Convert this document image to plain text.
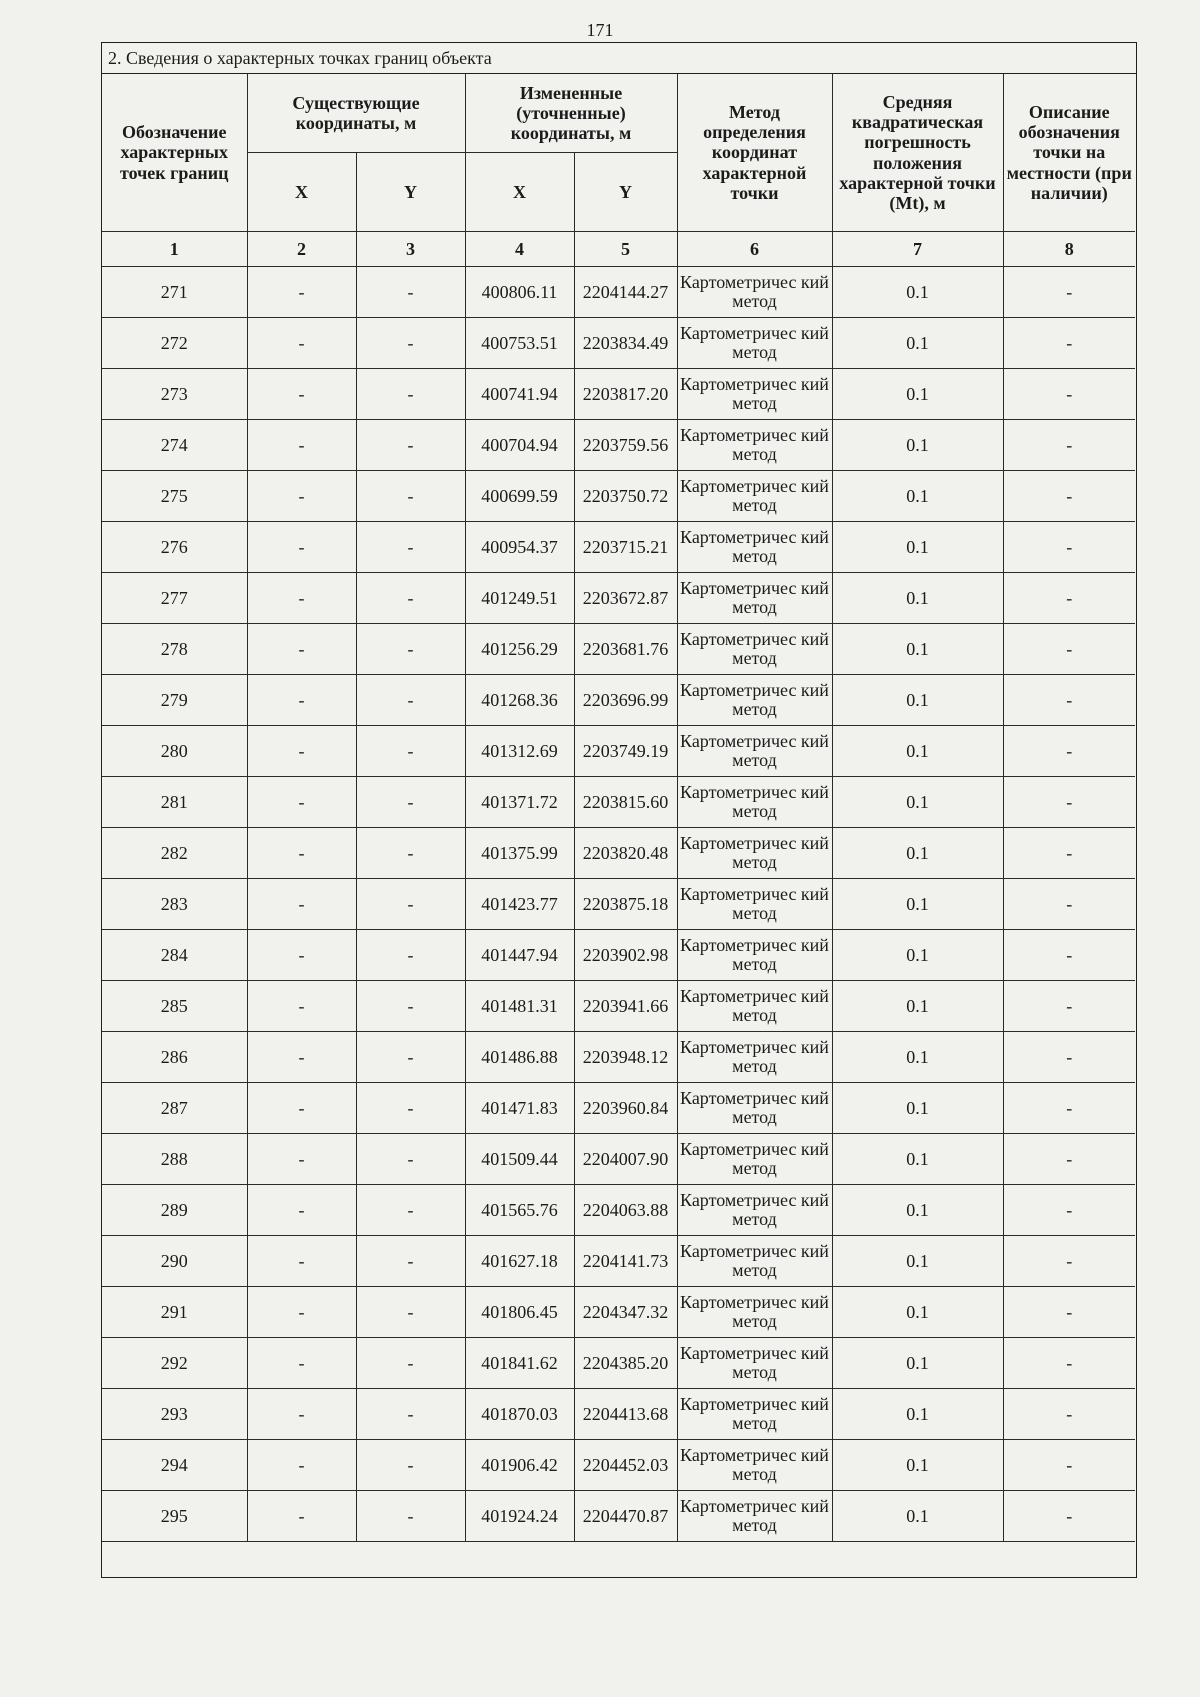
171
2. Сведения о характерных точках границ объекта
Обозначение характерных точек границ	Существующие координаты, м		Измененные (уточненные) координаты, м		Метод определения координат характерной точки	Средняя квадратическая погрешность положения характерной точки (Mt), м	Описание обозначения точки на местности (при наличии)
	X	Y	X	Y			
1	2	3	4	5	6	7	8
271	-	-	400806.11	2204144.27	Картометричес кий метод	0.1	-
272	-	-	400753.51	2203834.49	Картометричес кий метод	0.1	-
273	-	-	400741.94	2203817.20	Картометричес кий метод	0.1	-
274	-	-	400704.94	2203759.56	Картометричес кий метод	0.1	-
275	-	-	400699.59	2203750.72	Картометричес кий метод	0.1	-
276	-	-	400954.37	2203715.21	Картометричес кий метод	0.1	-
277	-	-	401249.51	2203672.87	Картометричес кий метод	0.1	-
278	-	-	401256.29	2203681.76	Картометричес кий метод	0.1	-
279	-	-	401268.36	2203696.99	Картометричес кий метод	0.1	-
280	-	-	401312.69	2203749.19	Картометричес кий метод	0.1	-
281	-	-	401371.72	2203815.60	Картометричес кий метод	0.1	-
282	-	-	401375.99	2203820.48	Картометричес кий метод	0.1	-
283	-	-	401423.77	2203875.18	Картометричес кий метод	0.1	-
284	-	-	401447.94	2203902.98	Картометричес кий метод	0.1	-
285	-	-	401481.31	2203941.66	Картометричес кий метод	0.1	-
286	-	-	401486.88	2203948.12	Картометричес кий метод	0.1	-
287	-	-	401471.83	2203960.84	Картометричес кий метод	0.1	-
288	-	-	401509.44	2204007.90	Картометричес кий метод	0.1	-
289	-	-	401565.76	2204063.88	Картометричес кий метод	0.1	-
290	-	-	401627.18	2204141.73	Картометричес кий метод	0.1	-
291	-	-	401806.45	2204347.32	Картометричес кий метод	0.1	-
292	-	-	401841.62	2204385.20	Картометричес кий метод	0.1	-
293	-	-	401870.03	2204413.68	Картометричес кий метод	0.1	-
294	-	-	401906.42	2204452.03	Картометричес кий метод	0.1	-
295	-	-	401924.24	2204470.87	Картометричес кий метод	0.1	-
